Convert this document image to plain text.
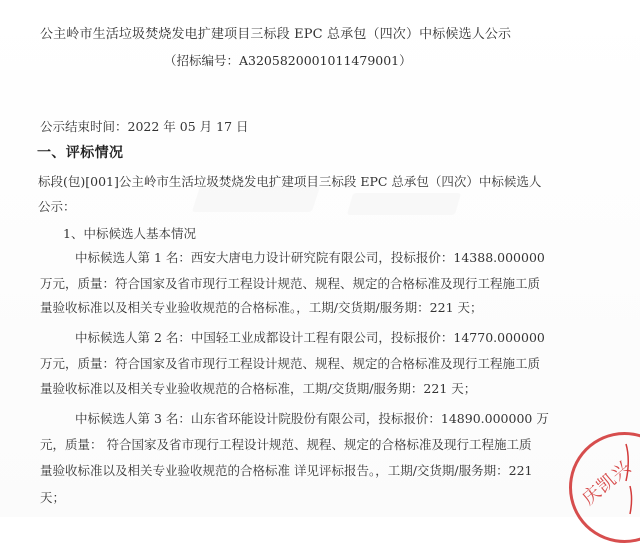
公主岭市生活垃圾焚烧发电扩建项目三标段 EPC 总承包（四次）中标候选人公示
（招标编号：A3205820001011479001）
公示结束时间：2022 年 05 月 17 日
一、评标情况
标段(包)[001]公主岭市生活垃圾焚烧发电扩建项目三标段 EPC 总承包（四次）中标候选人
公示：
1、中标候选人基本情况
中标候选人第 1 名：西安大唐电力设计研究院有限公司，投标报价：14388.000000
万元，质量：符合国家及省市现行工程设计规范、规程、规定的合格标准及现行工程施工质
量验收标准以及相关专业验收规范的合格标准。，工期/交货期/服务期：221 天；
中标候选人第 2 名：中国轻工业成都设计工程有限公司，投标报价：14770.000000
万元，质量：符合国家及省市现行工程设计规范、规程、规定的合格标准及现行工程施工质
量验收标准以及相关专业验收规范的合格标准，工期/交货期/服务期：221 天；
中标候选人第 3 名：山东省环能设计院股份有限公司，投标报价：14890.000000 万
元，质量： 符合国家及省市现行工程设计规范、规程、规定的合格标准及现行工程施工质
量验收标准以及相关专业验收规范的合格标准 详见评标报告。，工期/交货期/服务期：221
天；	庆凯兴
